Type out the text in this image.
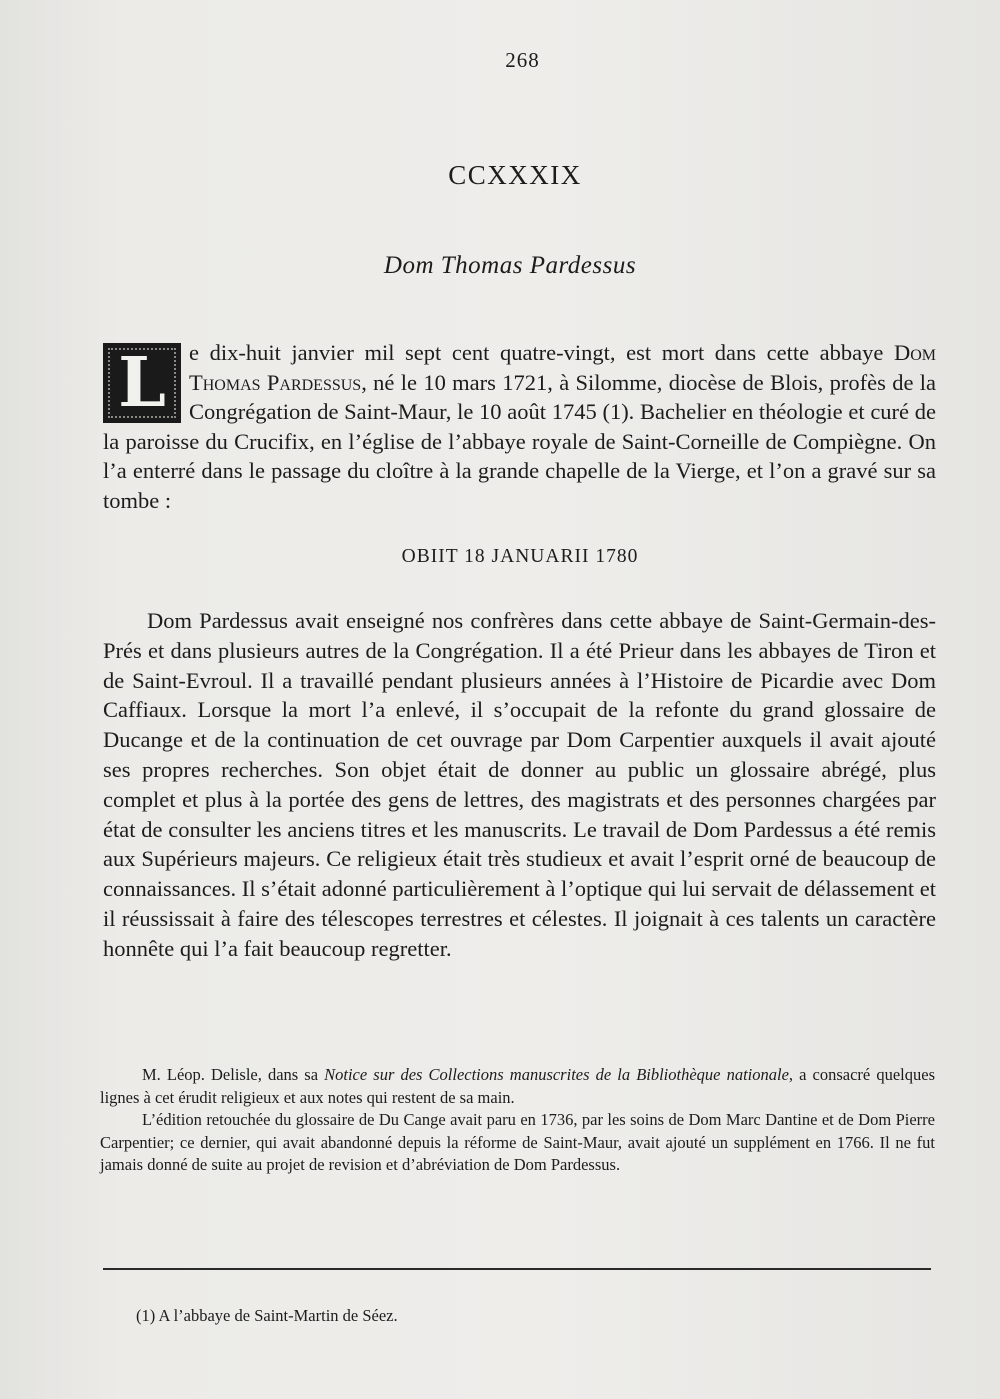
268
CCXXXIX
Dom Thomas Pardessus
L	e dix-huit janvier mil sept cent quatre-vingt, est mort dans cette abbaye Dom Thomas Pardessus, né le 10 mars 1721, à Silomme, diocèse de Blois, profès de la Congrégation de Saint-Maur, le 10 août 1745 (1). Bachelier en théologie et curé de la paroisse du Crucifix, en l’église de l’abbaye royale de Saint-Corneille de Compiègne. On l’a enterré dans le passage du cloître à la grande chapelle de la Vierge, et l’on a gravé sur sa tombe :
OBIIT 18 JANUARII 1780
Dom Pardessus avait enseigné nos confrères dans cette abbaye de Saint-Germain-des-Prés et dans plusieurs autres de la Congrégation. Il a été Prieur dans les abbayes de Tiron et de Saint-Evroul. Il a travaillé pendant plusieurs années à l’Histoire de Picardie avec Dom Caffiaux. Lorsque la mort l’a enlevé, il s’occupait de la refonte du grand glossaire de Ducange et de la continuation de cet ouvrage par Dom Carpentier auxquels il avait ajouté ses propres recherches. Son objet était de donner au public un glossaire abrégé, plus complet et plus à la portée des gens de lettres, des magistrats et des personnes chargées par état de consulter les anciens titres et les manuscrits. Le travail de Dom Pardessus a été remis aux Supérieurs majeurs. Ce religieux était très studieux et avait l’esprit orné de beaucoup de connaissances. Il s’était adonné particulièrement à l’optique qui lui servait de délassement et il réussissait à faire des télescopes terrestres et célestes. Il joignait à ces talents un caractère honnête qui l’a fait beaucoup regretter.

M. Léop. Delisle, dans sa Notice sur des Collections manuscrites de la Bibliothèque nationale, a consacré quelques lignes à cet érudit religieux et aux notes qui restent de sa main.

L’édition retouchée du glossaire de Du Cange avait paru en 1736, par les soins de Dom Marc Dantine et de Dom Pierre Carpentier; ce dernier, qui avait abandonné depuis la réforme de Saint-Maur, avait ajouté un supplément en 1766. Il ne fut jamais donné de suite au projet de revision et d’abréviation de Dom Pardessus.

(1) A l’abbaye de Saint-Martin de Séez.
